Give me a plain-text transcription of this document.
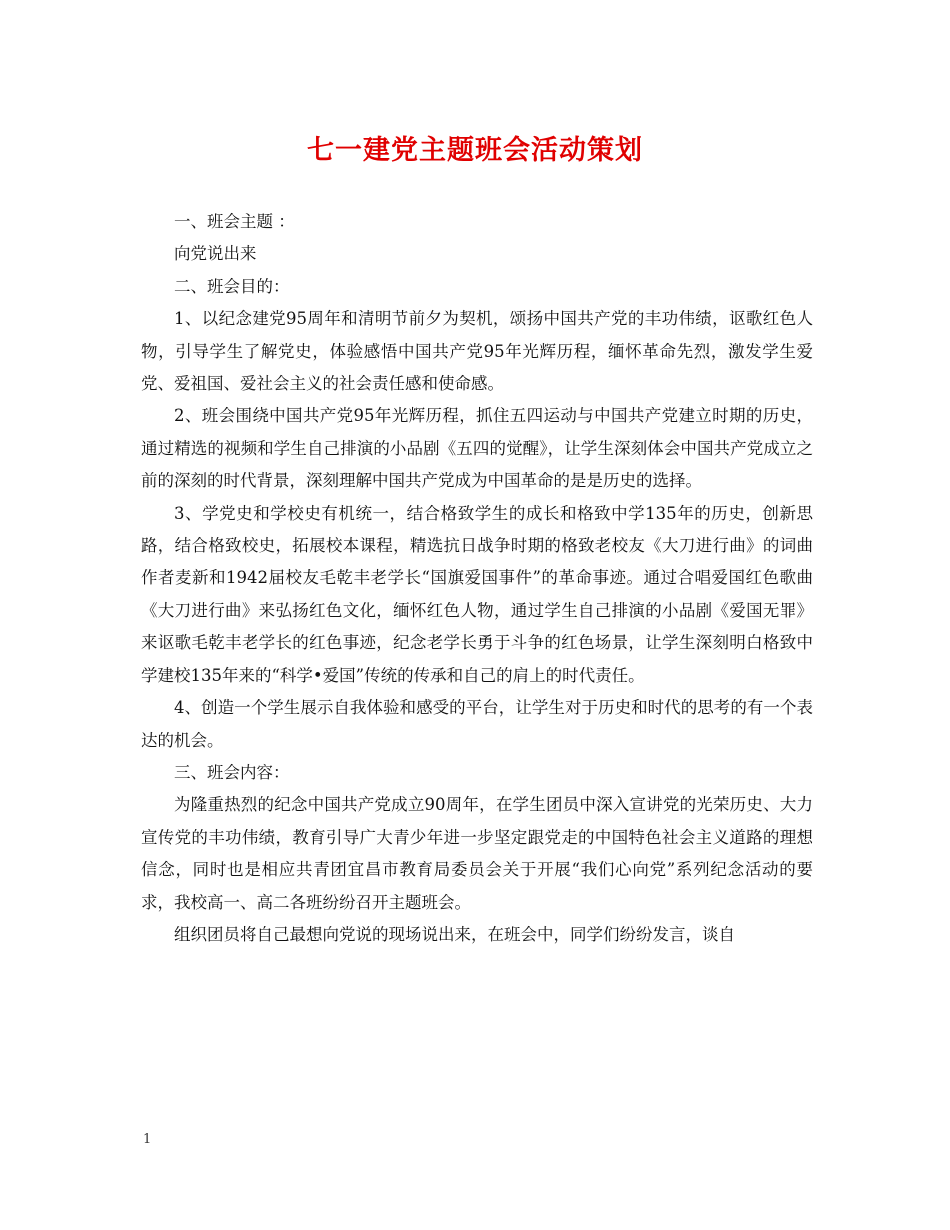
七一建党主题班会活动策划

一、班会主题 ：

向党说出来

二、班会目的：

1、以纪念建党95周年和清明节前夕为契机，颂扬中国共产党的丰功伟绩，讴歌红色人物，引导学生了解党史，体验感悟中国共产党95年光辉历程，缅怀革命先烈，激发学生爱党、爱祖国、爱社会主义的社会责任感和使命感。

2、班会围绕中国共产党95年光辉历程，抓住五四运动与中国共产党建立时期的历史，通过精选的视频和学生自己排演的小品剧《五四的觉醒》，让学生深刻体会中国共产党成立之前的深刻的时代背景，深刻理解中国共产党成为中国革命的是是历史的选择。

3、学党史和学校史有机统一，结合格致学生的成长和格致中学135年的历史，创新思路，结合格致校史，拓展校本课程，精选抗日战争时期的格致老校友《大刀进行曲》的词曲作者麦新和1942届校友毛乾丰老学长“国旗爱国事件”的革命事迹。通过合唱爱国红色歌曲《大刀进行曲》来弘扬红色文化，缅怀红色人物，通过学生自己排演的小品剧《爱国无罪》来讴歌毛乾丰老学长的红色事迹，纪念老学长勇于斗争的红色场景，让学生深刻明白格致中学建校135年来的“科学•爱国”传统的传承和自己的肩上的时代责任。

4、创造一个学生展示自我体验和感受的平台，让学生对于历史和时代的思考的有一个表达的机会。

三、班会内容：

为隆重热烈的纪念中国共产党成立90周年，在学生团员中深入宣讲党的光荣历史、大力宣传党的丰功伟绩，教育引导广大青少年进一步坚定跟党走的中国特色社会主义道路的理想信念，同时也是相应共青团宜昌市教育局委员会关于开展“我们心向党”系列纪念活动的要求，我校高一、高二各班纷纷召开主题班会。

组织团员将自己最想向党说的现场说出来，在班会中，同学们纷纷发言，谈自

1
